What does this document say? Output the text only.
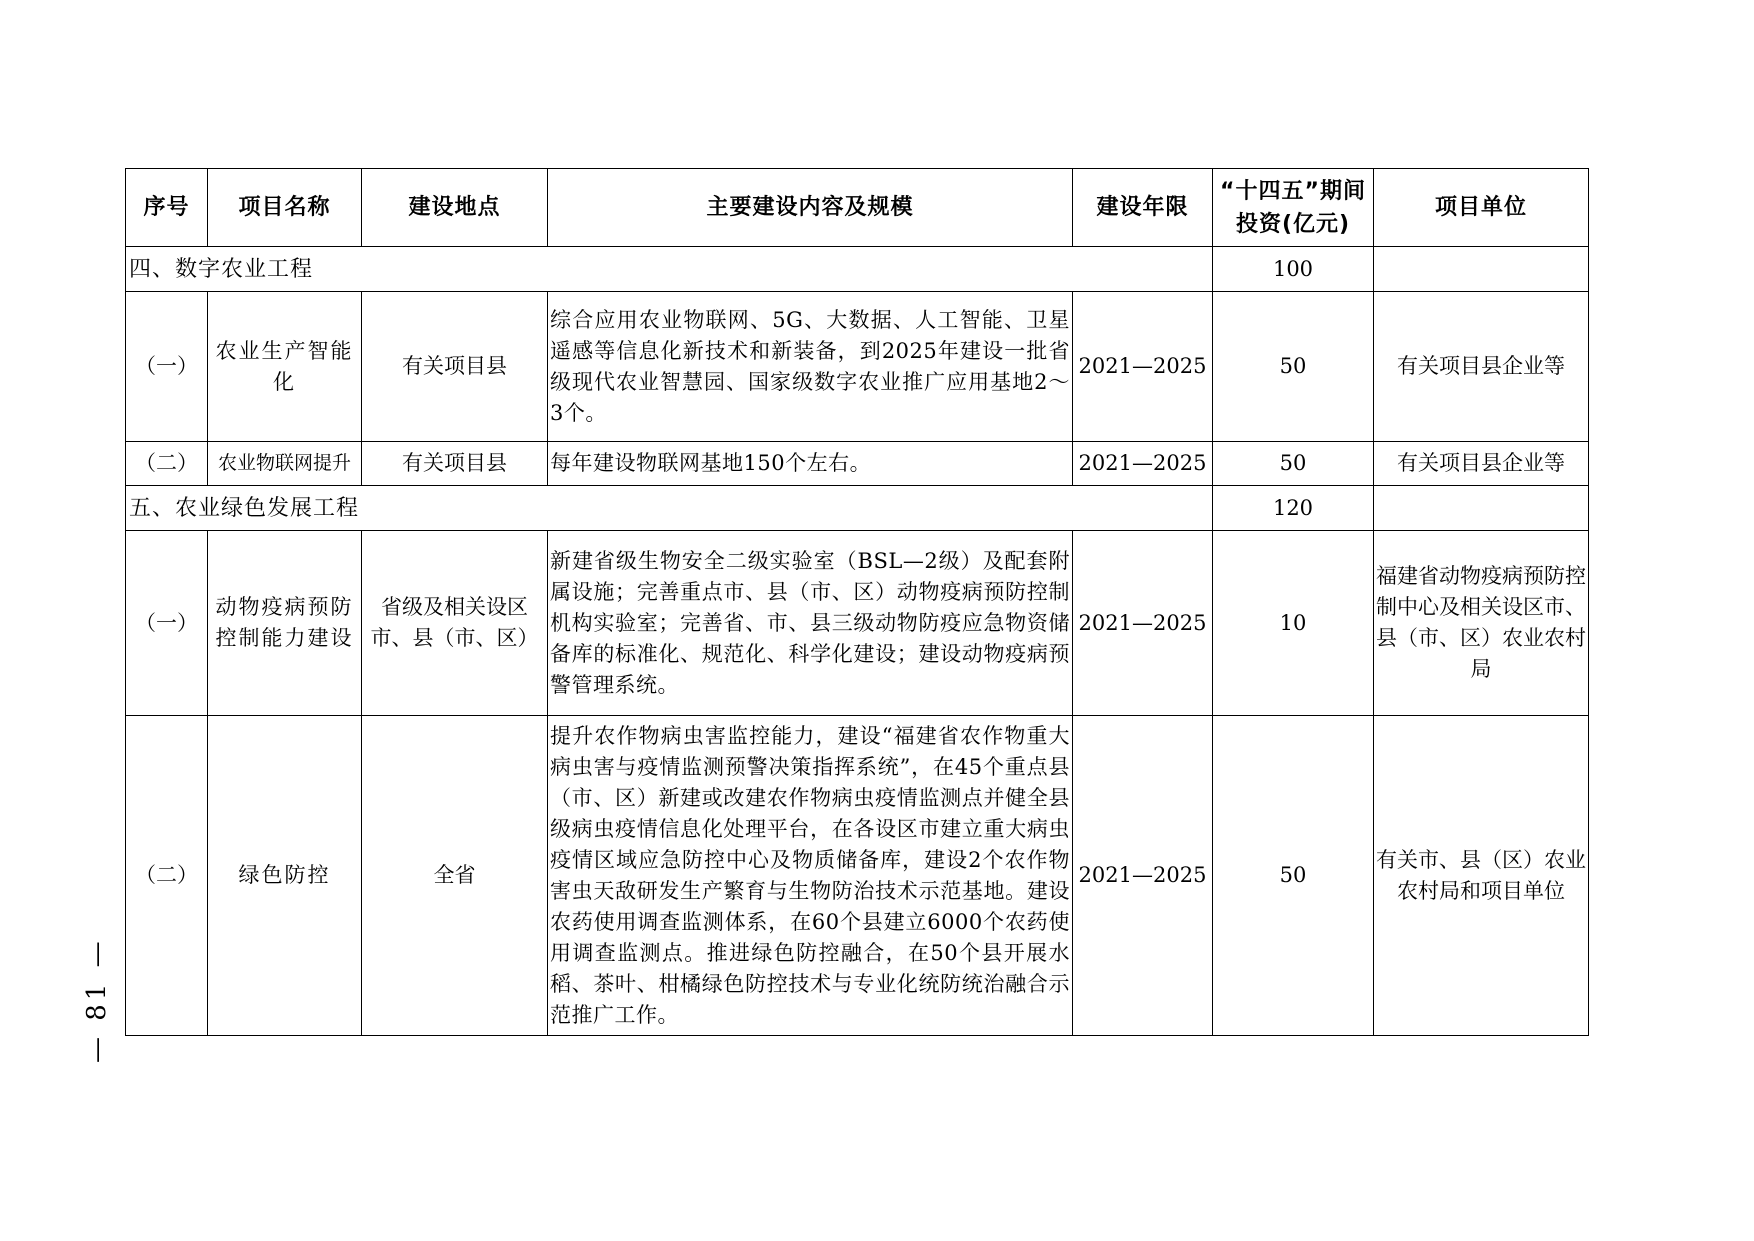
序号	项目名称	建设地点	主要建设内容及规模	建设年限	“十四五”期间投资(亿元)	项目单位
四、数字农业工程					100	
（一）	农业生产智能化	有关项目县	综合应用农业物联网、5G、大数据、人工智能、卫星遥感等信息化新技术和新装备，到2025年建设一批省级现代农业智慧园、国家级数字农业推广应用基地2～3个。	2021—2025	50	有关项目县企业等
（二）	农业物联网提升	有关项目县	每年建设物联网基地150个左右。	2021—2025	50	有关项目县企业等
五、农业绿色发展工程					120	
（一）	动物疫病预防控制能力建设	省级及相关设区市、县（市、区）	新建省级生物安全二级实验室（BSL—2级）及配套附属设施；完善重点市、县（市、区）动物疫病预防控制机构实验室；完善省、市、县三级动物防疫应急物资储备库的标准化、规范化、科学化建设；建设动物疫病预警管理系统。	2021—2025	10	福建省动物疫病预防控制中心及相关设区市、县（市、区）农业农村局
（二）	绿色防控	全省	提升农作物病虫害监控能力，建设“福建省农作物重大病虫害与疫情监测预警决策指挥系统”，在45个重点县（市、区）新建或改建农作物病虫疫情监测点并健全县级病虫疫情信息化处理平台，在各设区市建立重大病虫疫情区域应急防控中心及物质储备库，建设2个农作物害虫天敌研发生产繁育与生物防治技术示范基地。建设农药使用调查监测体系，在60个县建立6000个农药使用调查监测点。推进绿色防控融合，在50个县开展水稻、茶叶、柑橘绿色防控技术与专业化统防统治融合示范推广工作。	2021—2025	50	有关市、县（区）农业农村局和项目单位
— 81 —
